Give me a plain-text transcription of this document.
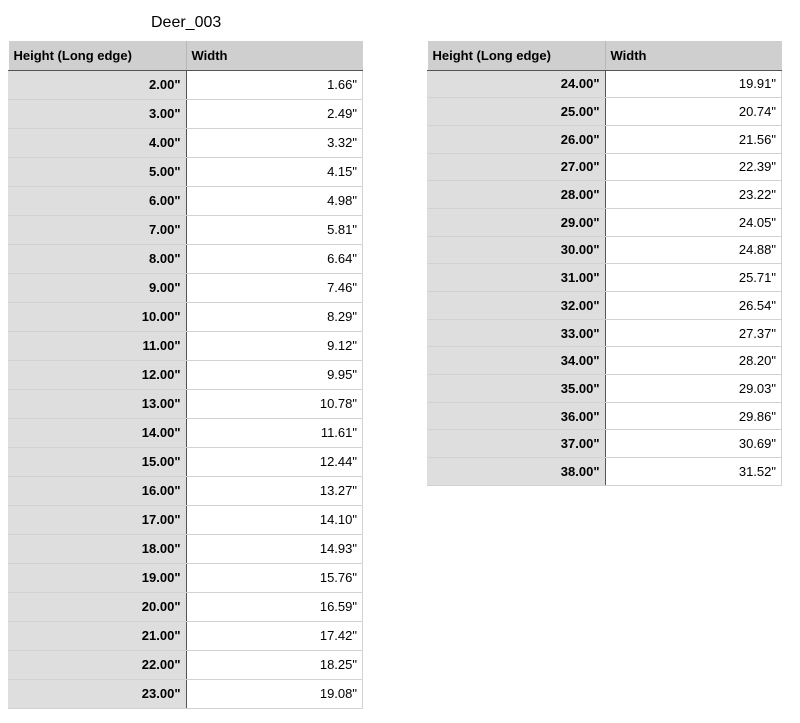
Deer_003
Height (Long edge)	Width
2.00"	1.66"
3.00"	2.49"
4.00"	3.32"
5.00"	4.15"
6.00"	4.98"
7.00"	5.81"
8.00"	6.64"
9.00"	7.46"
10.00"	8.29"
11.00"	9.12"
12.00"	9.95"
13.00"	10.78"
14.00"	11.61"
15.00"	12.44"
16.00"	13.27"
17.00"	14.10"
18.00"	14.93"
19.00"	15.76"
20.00"	16.59"
21.00"	17.42"
22.00"	18.25"
23.00"	19.08"
Height (Long edge)	Width
24.00"	19.91"
25.00"	20.74"
26.00"	21.56"
27.00"	22.39"
28.00"	23.22"
29.00"	24.05"
30.00"	24.88"
31.00"	25.71"
32.00"	26.54"
33.00"	27.37"
34.00"	28.20"
35.00"	29.03"
36.00"	29.86"
37.00"	30.69"
38.00"	31.52"
